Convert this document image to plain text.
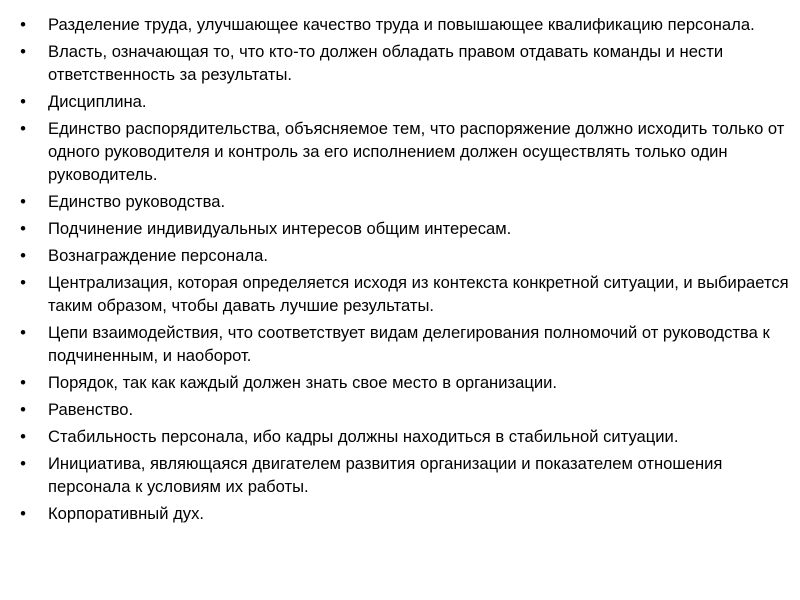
• Разделение труда, улучшающее качество труда и повышающее квалификацию персонала.
• Власть, означающая то, что кто-то должен обладать правом отдавать команды и нести ответственность за результаты.
• Дисциплина.
• Единство распорядительства, объясняемое тем, что распоряжение должно исходить только от одного руководителя и контроль за его исполнением должен осуществлять только один руководитель.
• Единство руководства.
• Подчинение индивидуальных интересов общим интересам.
• Вознаграждение персонала.
• Централизация, которая определяется исходя из контекста конкретной ситуации, и выбирается таким образом, чтобы давать лучшие результаты.
• Цепи взаимодействия, что соответствует видам делегирования полномочий от руководства к подчиненным, и наоборот.
• Порядок, так как каждый должен знать свое место в организации.
• Равенство.
• Стабильность персонала, ибо кадры должны находиться в стабильной ситуации.
• Инициатива, являющаяся двигателем развития организации и показателем отношения персонала к условиям их работы.
• Корпоративный дух.
